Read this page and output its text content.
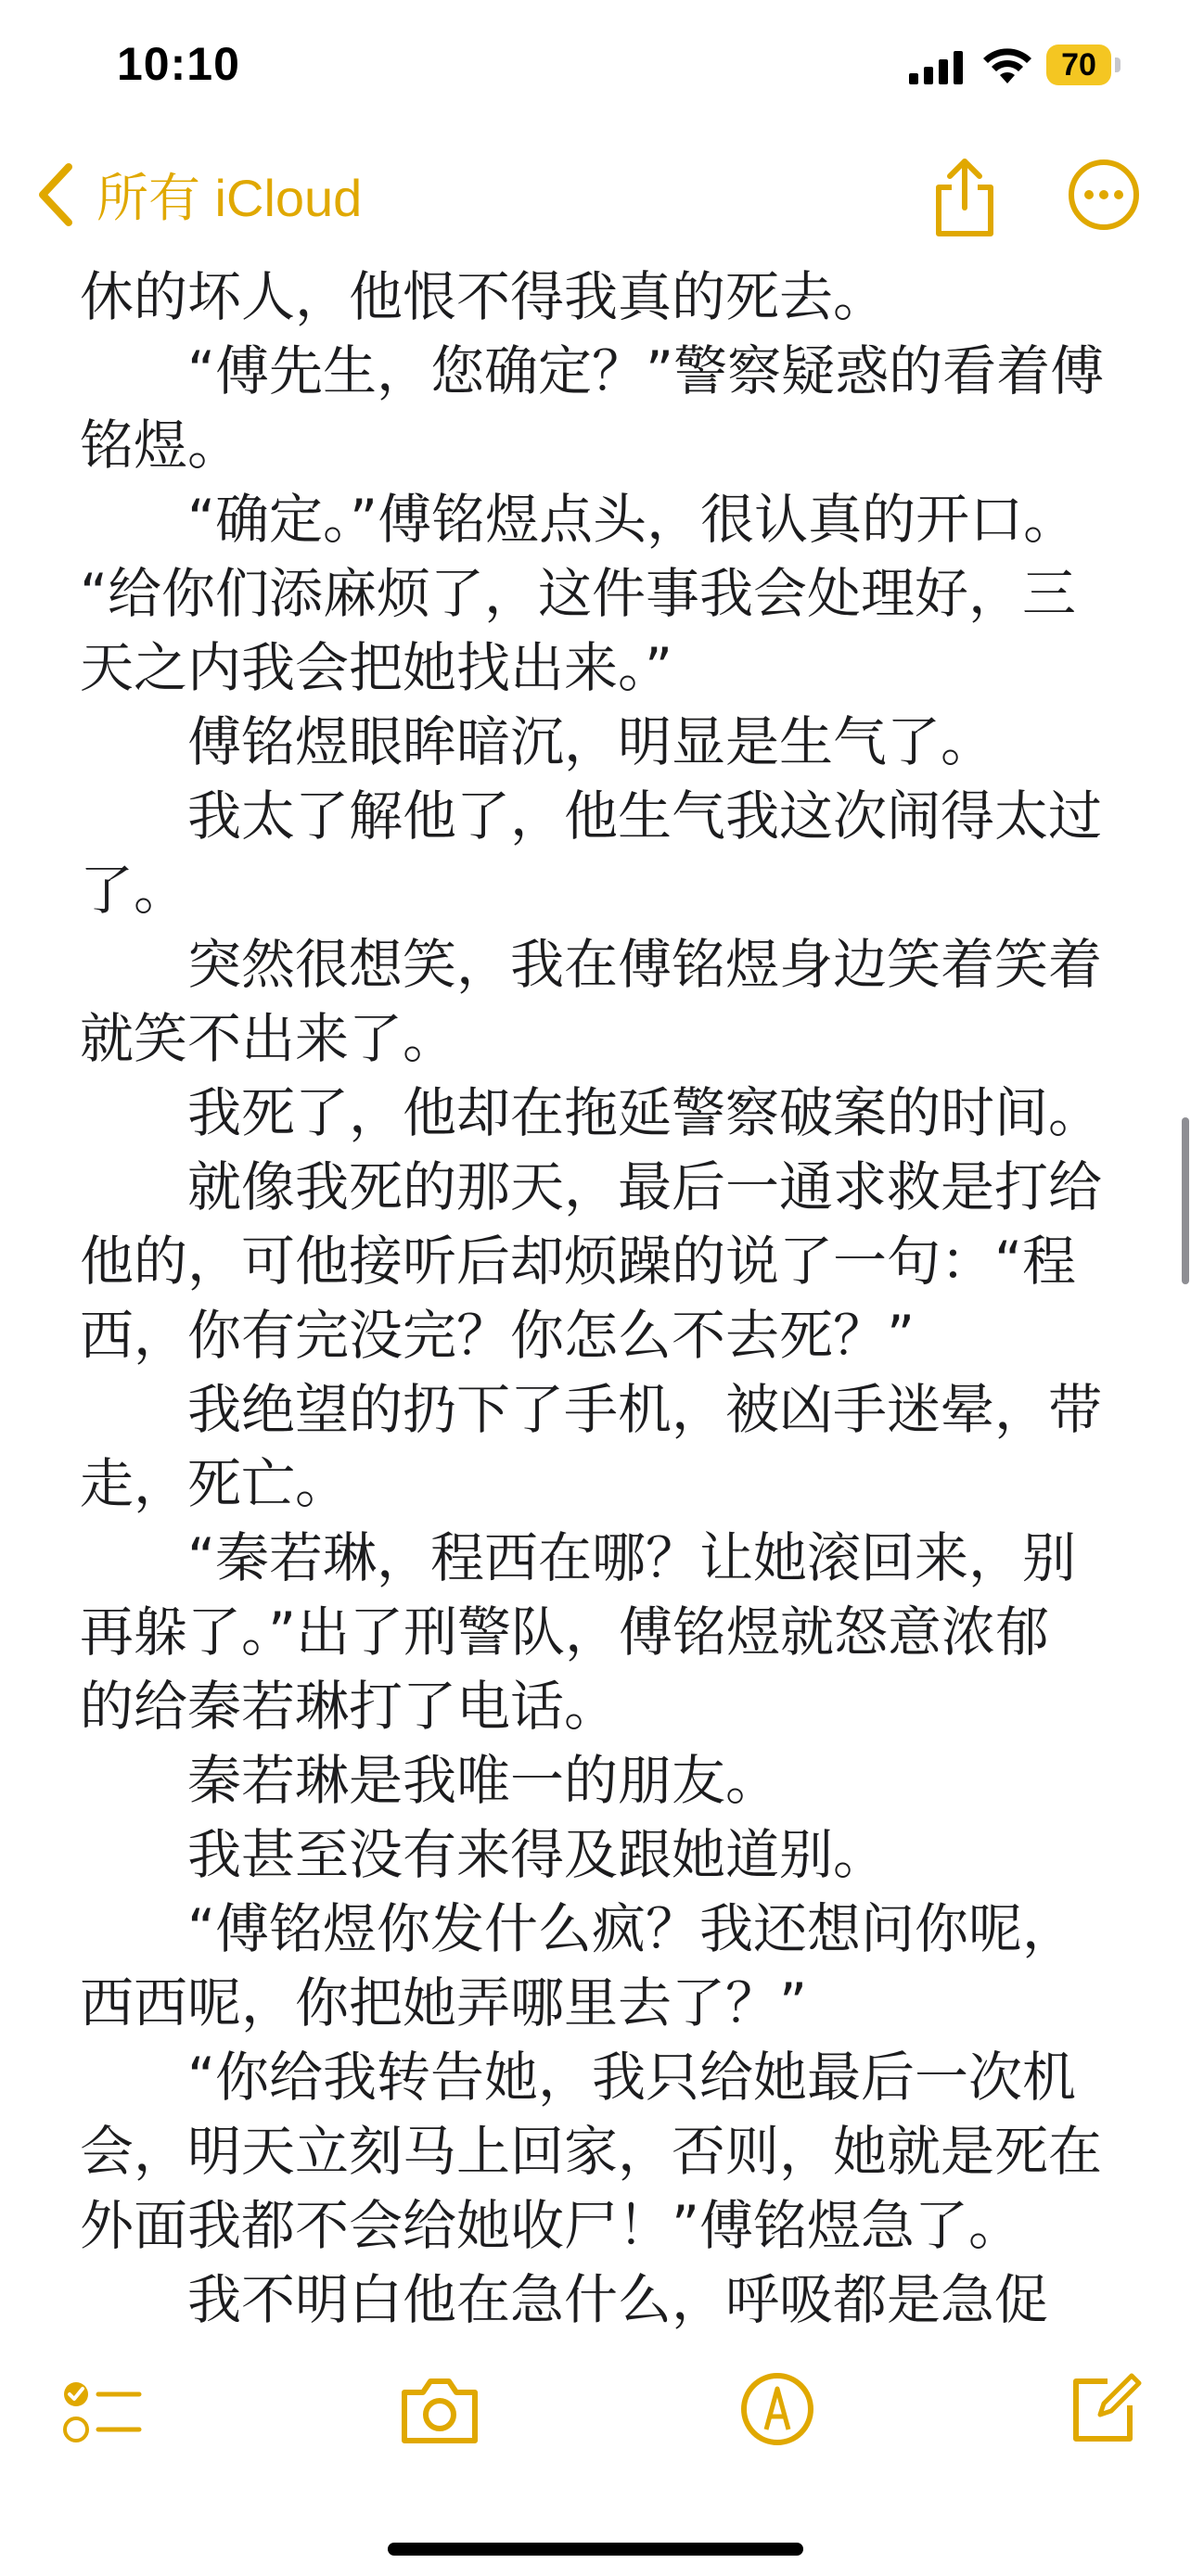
10:10	70
所有 iCloud
休的坏人，他恨不得我真的死去。
“傅先生，您确定？”警察疑惑的看着傅
铭煜。
“确定。”傅铭煜点头，很认真的开口。
“给你们添麻烦了，这件事我会处理好，三
天之内我会把她找出来。”
傅铭煜眼眸暗沉，明显是生气了。
我太了解他了，他生气我这次闹得太过
了。
突然很想笑，我在傅铭煜身边笑着笑着
就笑不出来了。
我死了，他却在拖延警察破案的时间。
就像我死的那天，最后一通求救是打给
他的，可他接听后却烦躁的说了一句：“程
西，你有完没完？你怎么不去死？”
我绝望的扔下了手机，被凶手迷晕，带
走，死亡。
“秦若琳，程西在哪？让她滚回来，别
再躲了。”出了刑警队，傅铭煜就怒意浓郁
的给秦若琳打了电话。
秦若琳是我唯一的朋友。
我甚至没有来得及跟她道别。
“傅铭煜你发什么疯？我还想问你呢，
西西呢，你把她弄哪里去了？”
“你给我转告她，我只给她最后一次机
会，明天立刻马上回家，否则，她就是死在
外面我都不会给她收尸！”傅铭煜急了。
我不明白他在急什么，呼吸都是急促
